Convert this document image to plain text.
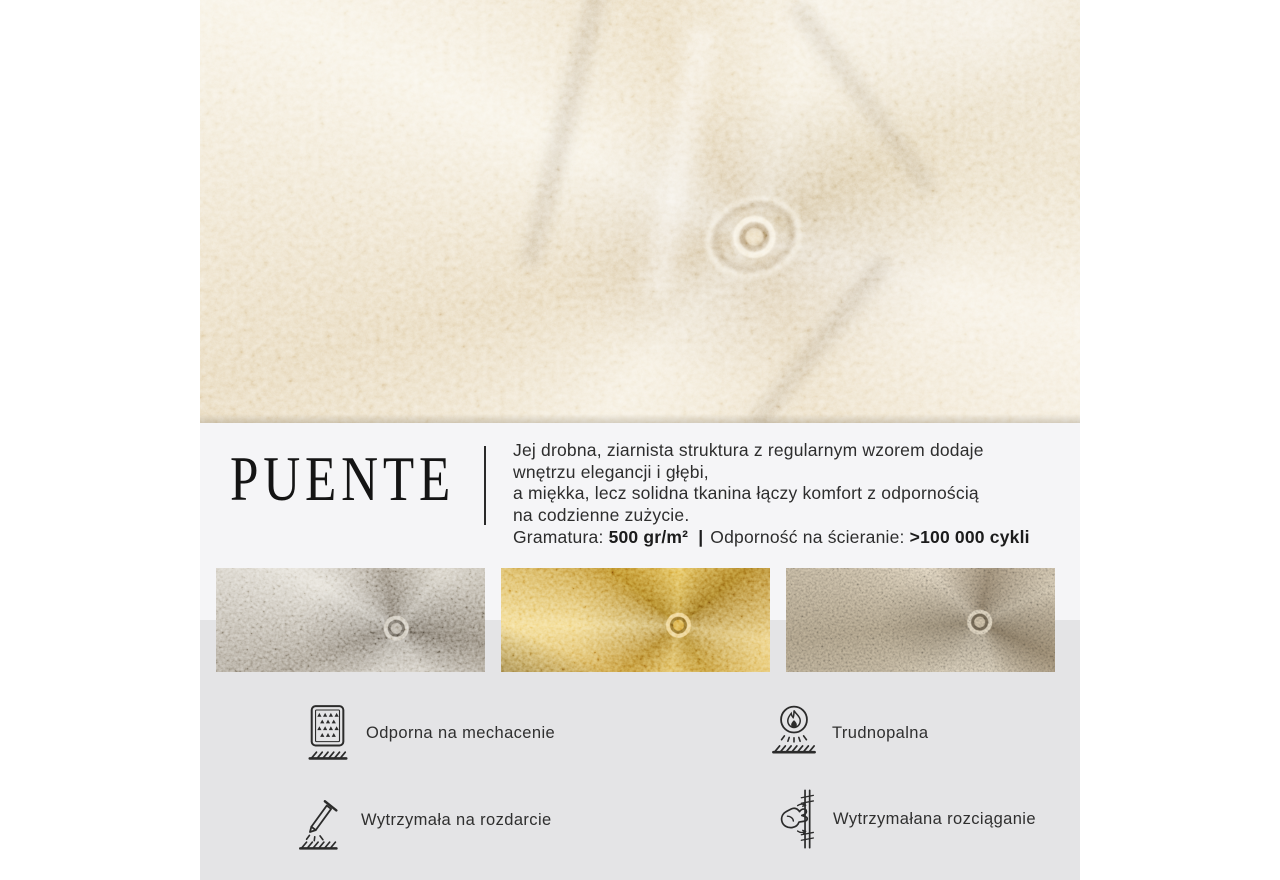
PUENTE	Jej drobna, ziarnista struktura z regularnym wzorem dodaje
wnętrzu elegancji i głębi,
a miękka, lecz solidna tkanina łączy komfort z odpornością
na codzienne zużycie.
Gramatura: 500 gr/m² | Odporność na ścieranie: >100 000 cykli
Odporna na mechacenie	Trudnopalna
Wytrzymała na rozdarcie	Wytrzymałana rozciąganie
